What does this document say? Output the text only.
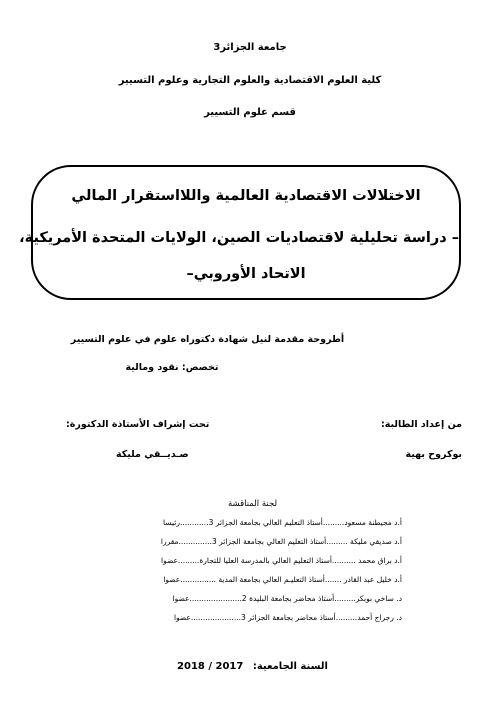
جامعة الجزائر3
كلية العلوم الاقتصادية والعلوم التجارية وعلوم التسيير
قسم علوم التسيير
الاختلالات الاقتصادية العالمية واللااستقرار المالي
– دراسة تحليلية لاقتصاديات الصين، الولايات المتحدة الأمريكية،
الاتحاد الأوروبي–
أطروحة مقدمة لنيل شهادة دكتوراه علوم في علوم التسيير
تخصص: نقود ومالية
من إعداد الطالبة:
تحت إشراف الأستاذة الدكتورة:
بوكروح بهية
صـديــقي مليكة
لجنة المناقشة
أ.د مجيطنة مسعود.........أستاذ التعليم العالي بجامعة الجزائر 3............رئيسا
أ.د صديقي مليكة .........أستاذ التعليم العالي بجامعة الجزائر 3..............مقررا
أ.د براق محمد ..........أستاذ التعليم العالي بالمدرسة العليا للتجارة.........عضوا
أ.د خليل عبد القادر .......أستاذ التعليـم العالي بجامعة المدية ...............عضوا
د. ساخي بوبكر.........أستاذ محاضر بجامعة البليدة 2......................عضوا
د. رجراج أحمد.........أستاذ محاضر بجامعة الجزائر 3.....................عضوا
السنة الجامعية: 2017 / 2018
